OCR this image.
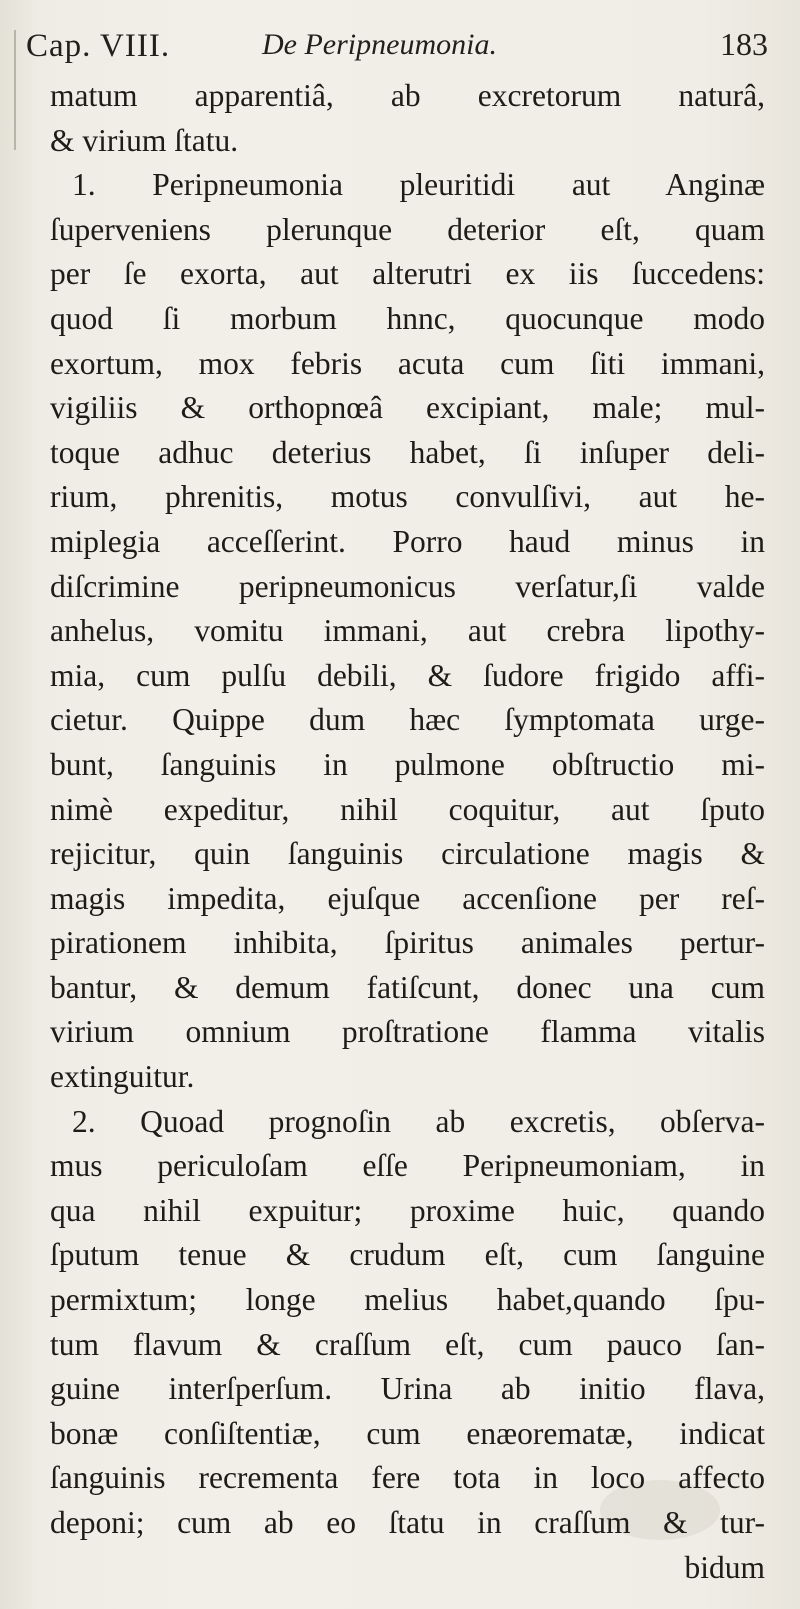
Cap. VIII.	De Peripneumonia.	183
matum apparentiâ, ab excretorum naturâ,
& virium ſtatu.
1. Peripneumonia pleuritidi aut Anginæ
ſuperveniens plerunque deterior eſt, quam
per ſe exorta, aut alterutri ex iis ſuccedens:
quod ſi morbum hnnc, quocunque modo
exortum, mox febris acuta cum ſiti immani,
vigiliis & orthopnœâ excipiant, male; mul-
toque adhuc deterius habet, ſi inſuper deli-
rium, phrenitis, motus convulſivi, aut he-
miplegia acceſſerint. Porro haud minus in
diſcrimine peripneumonicus verſatur,ſi valde
anhelus, vomitu immani, aut crebra lipothy-
mia, cum pulſu debili, & ſudore frigido affi-
cietur. Quippe dum hæc ſymptomata urge-
bunt, ſanguinis in pulmone obſtructio mi-
nimè expeditur, nihil coquitur, aut ſputo
rejicitur, quin ſanguinis circulatione magis &
magis impedita, ejuſque accenſione per reſ-
pirationem inhibita, ſpiritus animales pertur-
bantur, & demum fatiſcunt, donec una cum
virium omnium proſtratione flamma vitalis
extinguitur.
2. Quoad prognoſin ab excretis, obſerva-
mus periculoſam eſſe Peripneumoniam, in
qua nihil expuitur; proxime huic, quando
ſputum tenue & crudum eſt, cum ſanguine
permixtum; longe melius habet,quando ſpu-
tum flavum & craſſum eſt, cum pauco ſan-
guine interſperſum. Urina ab initio flava,
bonæ conſiſtentiæ, cum enæorematæ, indicat
ſanguinis recrementa fere tota in loco affecto
deponi; cum ab eo ſtatu in craſſum & tur-
bidum
